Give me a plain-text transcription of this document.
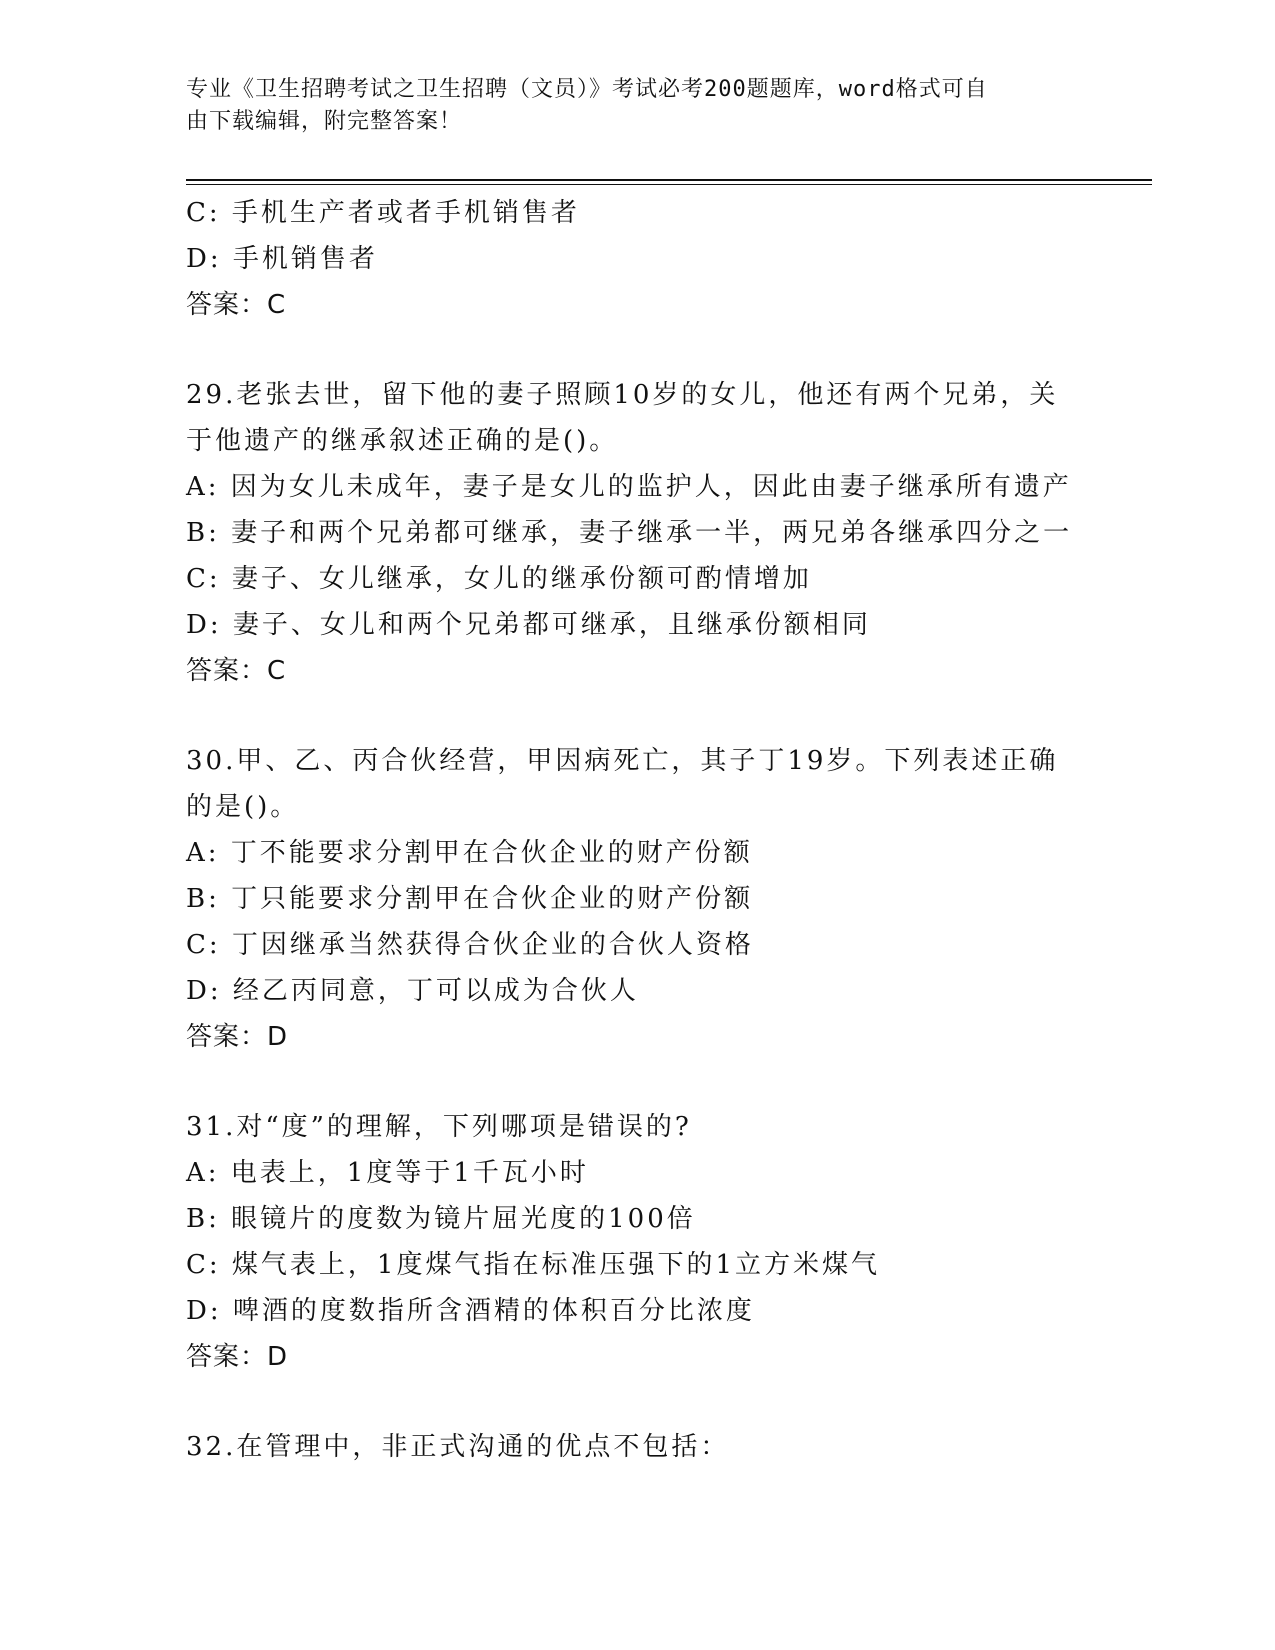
专业《卫生招聘考试之卫生招聘（文员）》考试必考200题题库，word格式可自
由下载编辑，附完整答案！
C: 手机生产者或者手机销售者
D: 手机销售者
答案：C
29.老张去世，留下他的妻子照顾10岁的女儿，他还有两个兄弟，关
于他遗产的继承叙述正确的是()。
A: 因为女儿未成年，妻子是女儿的监护人，因此由妻子继承所有遗产
B: 妻子和两个兄弟都可继承，妻子继承一半，两兄弟各继承四分之一
C: 妻子、女儿继承，女儿的继承份额可酌情增加
D: 妻子、女儿和两个兄弟都可继承，且继承份额相同
答案：C
30.甲、乙、丙合伙经营，甲因病死亡，其子丁19岁。下列表述正确
的是()。
A: 丁不能要求分割甲在合伙企业的财产份额
B: 丁只能要求分割甲在合伙企业的财产份额
C: 丁因继承当然获得合伙企业的合伙人资格
D: 经乙丙同意，丁可以成为合伙人
答案：D
31.对“度”的理解，下列哪项是错误的?
A: 电表上，1度等于1千瓦小时
B: 眼镜片的度数为镜片屈光度的100倍
C: 煤气表上，1度煤气指在标准压强下的1立方米煤气
D: 啤酒的度数指所含酒精的体积百分比浓度
答案：D
32.在管理中，非正式沟通的优点不包括：
